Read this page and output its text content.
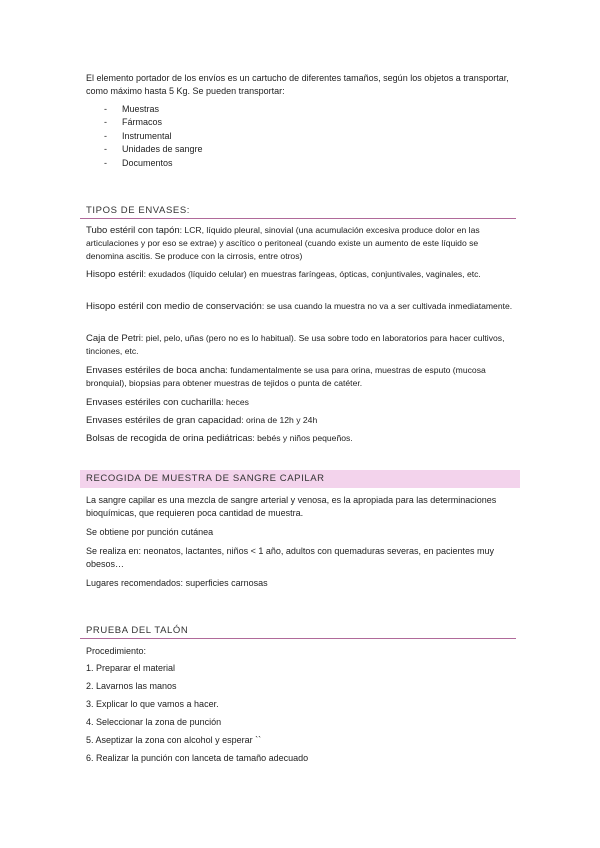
El elemento portador de los envíos es un cartucho de diferentes tamaños, según los objetos a transportar, como máximo hasta 5 Kg. Se pueden transportar:

- Muestras
- Fármacos
- Instrumental
- Unidades de sangre
- Documentos
TIPOS DE ENVASES:

Tubo estéril con tapón: LCR, líquido pleural, sinovial (una acumulación excesiva produce dolor en las articulaciones y por eso se extrae) y ascítico o peritoneal (cuando existe un aumento de este líquido se denomina ascitis. Se produce con la cirrosis, entre otros)

Hisopo estéril: exudados (líquido celular) en muestras faríngeas, ópticas, conjuntivales, vaginales, etc.

Hisopo estéril con medio de conservación: se usa cuando la muestra no va a ser cultivada inmediatamente.

Caja de Petri: piel, pelo, uñas (pero no es lo habitual). Se usa sobre todo en laboratorios para hacer cultivos, tinciones, etc.

Envases estériles de boca ancha: fundamentalmente se usa para orina, muestras de esputo (mucosa bronquial), biopsias para obtener muestras de tejidos o punta de catéter.

Envases estériles con cucharilla: heces

Envases estériles de gran capacidad: orina de 12h y 24h

Bolsas de recogida de orina pediátricas: bebés y niños pequeños.

RECOGIDA DE MUESTRA DE SANGRE CAPILAR

La sangre capilar es una mezcla de sangre arterial y venosa, es la apropiada para las determinaciones bioquímicas, que requieren poca cantidad de muestra.

Se obtiene por punción cutánea

Se realiza en: neonatos, lactantes, niños < 1 año, adultos con quemaduras severas, en pacientes muy obesos…

Lugares recomendados: superficies carnosas

PRUEBA DEL TALÓN

Procedimiento:

1. Preparar el material
2. Lavarnos las manos
3. Explicar lo que vamos a hacer.
4. Seleccionar la zona de punción
5. Aseptizar la zona con alcohol y esperar ``
6. Realizar la punción con lanceta de tamaño adecuado
